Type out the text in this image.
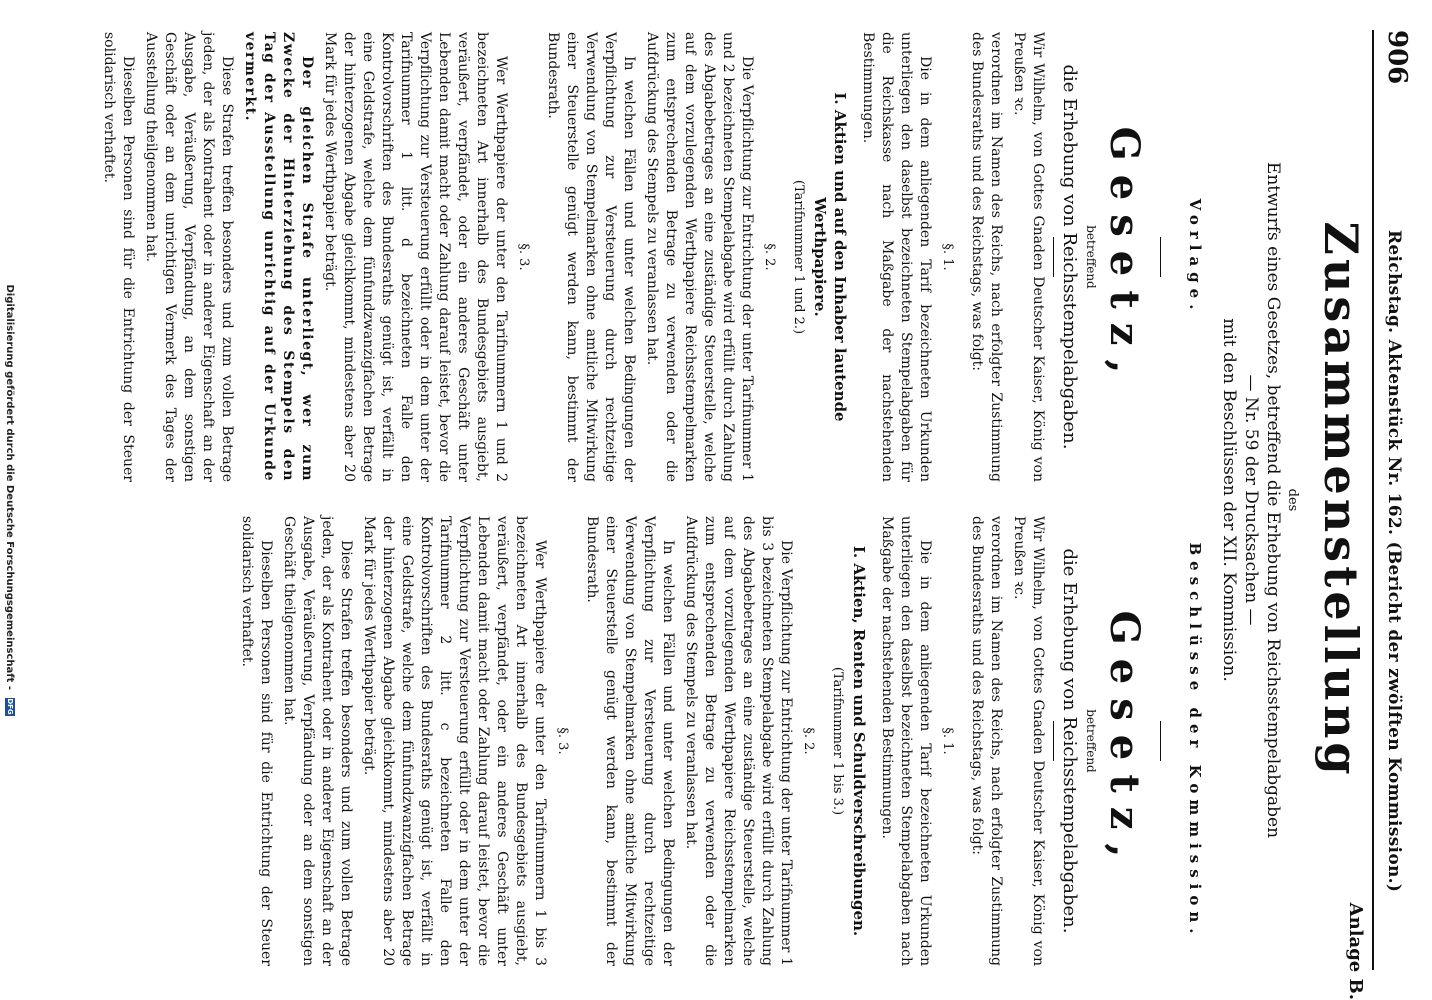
906
Reichstag. Aktenstück Nr. 162. (Bericht der zwölften Kommission.)
Anlage B.
Zusammenstellung
des
Entwurfs eines Gesetzes, betreffend die Erhebung von Reichsstempelabgaben
— Nr. 59 der Drucksachen —
mit den Beschlüssen der XII. Kommission.
Vorlage.
Gesetz,
betreffend
die Erhebung von Reichsstempelabgaben.

Wir Wilhelm, von Gottes Gnaden Deutscher Kaiser, König von Preußen ꝛc.

verordnen im Namen des Reichs, nach erfolgter Zustimmung des Bundesraths und des Reichstags, was folgt:

§. 1.

Die in dem anliegenden Tarif bezeichneten Urkunden unterliegen den daselbst bezeichneten Stempelabgaben für die Reichskasse nach Maßgabe der nachstehenden Bestimmungen.

I. Aktien und auf den Inhaber lautende Werthpapiere.
(Tarifnummer 1 und 2.)
§. 2.

Die Verpflichtung zur Entrichtung der unter Tarifnummer 1 und 2 bezeichneten Stempelabgabe wird erfüllt durch Zahlung des Abgabebetrages an eine zuständige Steuerstelle, welche auf dem vorzulegenden Werthpapiere Reichsstempelmarken zum entsprechenden Betrage zu verwenden oder die Aufdrückung des Stempels zu veranlassen hat.

In welchen Fällen und unter welchen Bedingungen der Verpflichtung zur Versteuerung durch rechtzeitige Verwendung von Stempelmarken ohne amtliche Mitwirkung einer Steuerstelle genügt werden kann, bestimmt der Bundesrath.

§. 3.

Wer Werthpapiere der unter den Tarifnummern 1 und 2 bezeichneten Art innerhalb des Bundesgebiets ausgiebt, veräußert, verpfändet, oder ein anderes Geschäft unter Lebenden damit macht oder Zahlung darauf leistet, bevor die Verpflichtung zur Versteuerung erfüllt oder in dem unter der Tarifnummer 1 litt. d bezeichneten Falle den Kontrolvorschriften des Bundesraths genügt ist, verfällt in eine Geldstrafe, welche dem fünfundzwanzigfachen Betrage der hinterzogenen Abgabe gleichkommt, mindestens aber 20 Mark für jedes Werthpapier beträgt.

Der gleichen Strafe unterliegt, wer zum Zwecke der Hinterziehung des Stempels den Tag der Ausstellung unrichtig auf der Urkunde vermerkt.

Diese Strafen treffen besonders und zum vollen Betrage jeden, der als Kontrahent oder in anderer Eigenschaft an der Ausgabe, Veräußerung, Verpfändung, an dem sonstigen Geschäft oder an dem unrichtigen Vermerk des Tages der Ausstellung theilgenommen hat.

Dieselben Personen sind für die Entrichtung der Steuer solidarisch verhaftet.

Beschlüsse der Kommission.
Gesetz,
betreffend
die Erhebung von Reichsstempelabgaben.

Wir Wilhelm, von Gottes Gnaden Deutscher Kaiser, König von Preußen ꝛc.

verordnen im Namen des Reichs, nach erfolgter Zustimmung des Bundesraths und des Reichstags, was folgt:

§. 1.

Die in dem anliegenden Tarif bezeichneten Urkunden unterliegen den daselbst bezeichneten Stempelabgaben nach Maßgabe der nachstehenden Bestimmungen.

I. Aktien, Renten und Schuldverschreibungen.
(Tarifnummer 1 bis 3.)
§. 2.

Die Verpflichtung zur Entrichtung der unter Tarifnummer 1 bis 3 bezeichneten Stempelabgabe wird erfüllt durch Zahlung des Abgabebetrages an eine zuständige Steuerstelle, welche auf dem vorzulegenden Werthpapiere Reichsstempelmarken zum entsprechenden Betrage zu verwenden oder die Aufdrückung des Stempels zu veranlassen hat.

In welchen Fällen und unter welchen Bedingungen der Verpflichtung zur Versteuerung durch rechtzeitige Verwendung von Stempelmarken ohne amtliche Mitwirkung einer Steuerstelle genügt werden kann, bestimmt der Bundesrath.

§. 3.

Wer Werthpapiere der unter den Tarifnummern 1 bis 3 bezeichneten Art innerhalb des Bundesgebiets ausgiebt, veräußert, verpfändet, oder ein anderes Geschäft unter Lebenden damit macht oder Zahlung darauf leistet, bevor die Verpflichtung zur Versteuerung erfüllt oder in dem unter der Tarifnummer 2 litt. c bezeichneten Falle den Kontrolvorschriften des Bundesraths genügt ist, verfällt in eine Geldstrafe, welche dem fünfundzwanzigfachen Betrage der hinterzogenen Abgabe gleichkommt, mindestens aber 20 Mark für jedes Werthpapier beträgt.

Diese Strafen treffen besonders und zum vollen Betrage jeden, der als Kontrahent oder in anderer Eigenschaft an der Ausgabe, Veräußerung, Verpfändung oder an dem sonstigen Geschäft theilgenommen hat.

Dieselben Personen sind für die Entrichtung der Steuer solidarisch verhaftet.

Digitalisierung gefördert durch die Deutsche Forschungsgemeinschaft - DFG
